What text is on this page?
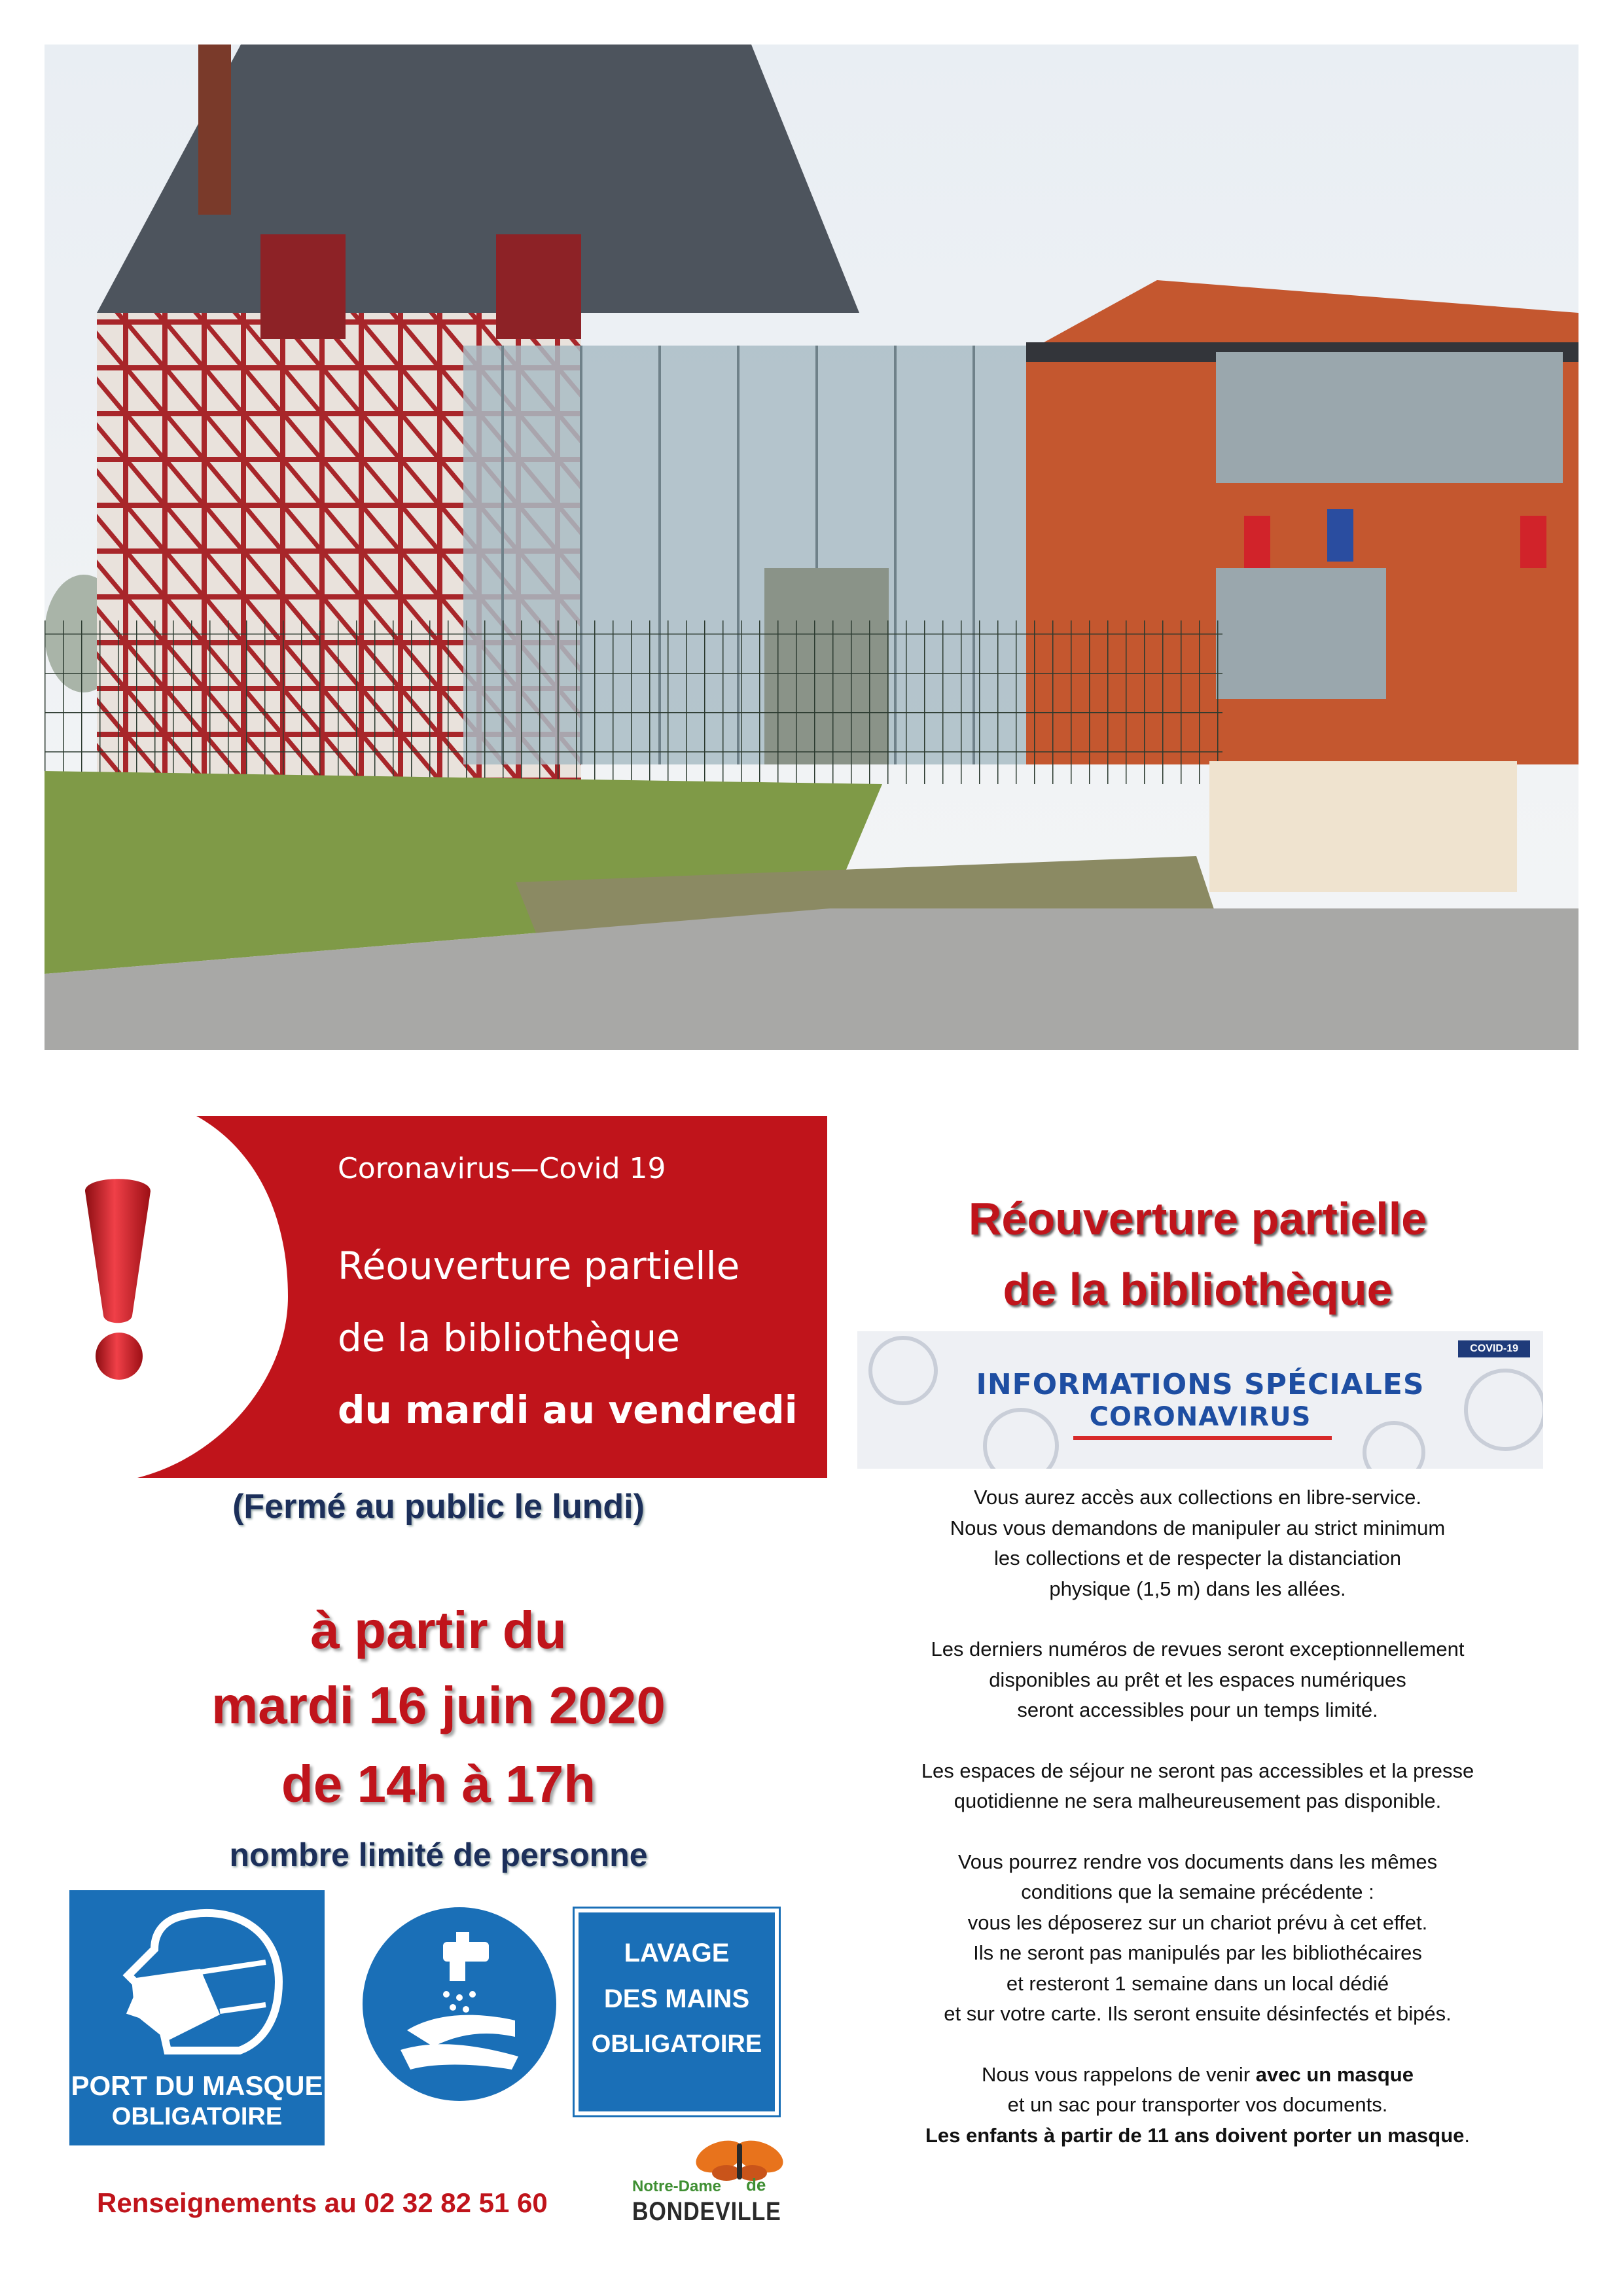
Coronavirus—Covid 19
Réouverture partielle
de la bibliothèque
du mardi au vendredi
(Fermé au public le lundi)
à partir du
mardi 16 juin 2020
de 14h à 17h
nombre limité de personne
PORT DU MASQUE
OBLIGATOIRE
LAVAGE
DES MAINS
OBLIGATOIRE
Renseignements au 02 32 82 51 60
Notre-Dame de
BONDEVILLE
Réouverture partielle
de la bibliothèque
COVID-19
INFORMATIONS SPÉCIALES
CORONAVIRUS

Vous aurez accès aux collections en libre-service.
Nous vous demandons de manipuler au strict minimum
les collections et de respecter la distanciation
physique (1,5 m) dans les allées.

Les derniers numéros de revues seront exceptionnellement
disponibles au prêt et les espaces numériques
seront accessibles pour un temps limité.

Les espaces de séjour ne seront pas accessibles et la presse
quotidienne ne sera malheureusement pas disponible.

Vous pourrez rendre vos documents dans les mêmes
conditions que la semaine précédente :
vous les déposerez sur un chariot prévu à cet effet.
Ils ne seront pas manipulés par les bibliothécaires
et resteront 1 semaine dans un local dédié
et sur votre carte. Ils seront ensuite désinfectés et bipés.

Nous vous rappelons de venir avec un masque
et un sac pour transporter vos documents.
Les enfants à partir de 11 ans doivent porter un masque.
